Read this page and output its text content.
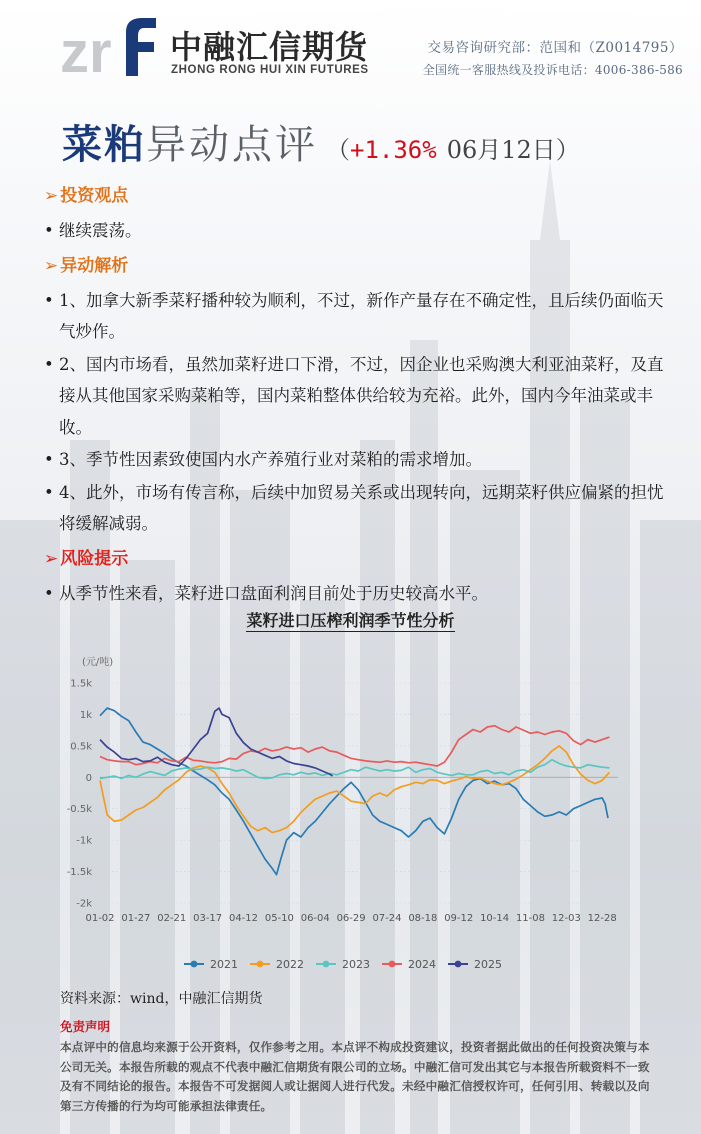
zr 中融汇信期货
ZHONG RONG HUI XIN FUTURES
交易咨询研究部：范国和（Z0014795）
全国统一客服热线及投诉电话：4006-386-586
菜粕异动点评 （+1.36% 06月12日）
➢ 投资观点
• 继续震荡。
➢ 异动解析
• 1、加拿大新季菜籽播种较为顺利，不过，新作产量存在不确定性，且后续仍面临天气炒作。
• 2、国内市场看，虽然加菜籽进口下滑，不过，因企业也采购澳大利亚油菜籽，及直接从其他国家采购菜粕等，国内菜粕整体供给较为充裕。此外，国内今年油菜或丰收。
• 3、季节性因素致使国内水产养殖行业对菜粕的需求增加。
• 4、此外，市场有传言称，后续中加贸易关系或出现转向，远期菜籽供应偏紧的担忧将缓解减弱。
➢ 风险提示
• 从季节性来看，菜籽进口盘面利润目前处于历史较高水平。
菜籽进口压榨利润季节性分析
(元/吨)
1.5k
1k
0.5k
0
-0.5k
-1k
-1.5k
-2k
01-02 01-27 02-21 03-17 04-12 05-10 06-04 06-29 07-24 08-18 09-12 10-14 11-08 12-03 12-28
2021	2022	2023	2024	2025
资料来源：wind，中融汇信期货
免责声明
本点评中的信息均来源于公开资料，仅作参考之用。本点评不构成投资建议，投资者据此做出的任何投资决策与本公司无关。本报告所载的观点不代表中融汇信期货有限公司的立场。中融汇信可发出其它与本报告所载资料不一致及有不同结论的报告。本报告不可发据阅人或让据阅人进行代发。未经中融汇信授权许可，任何引用、转载以及向第三方传播的行为均可能承担法律责任。
